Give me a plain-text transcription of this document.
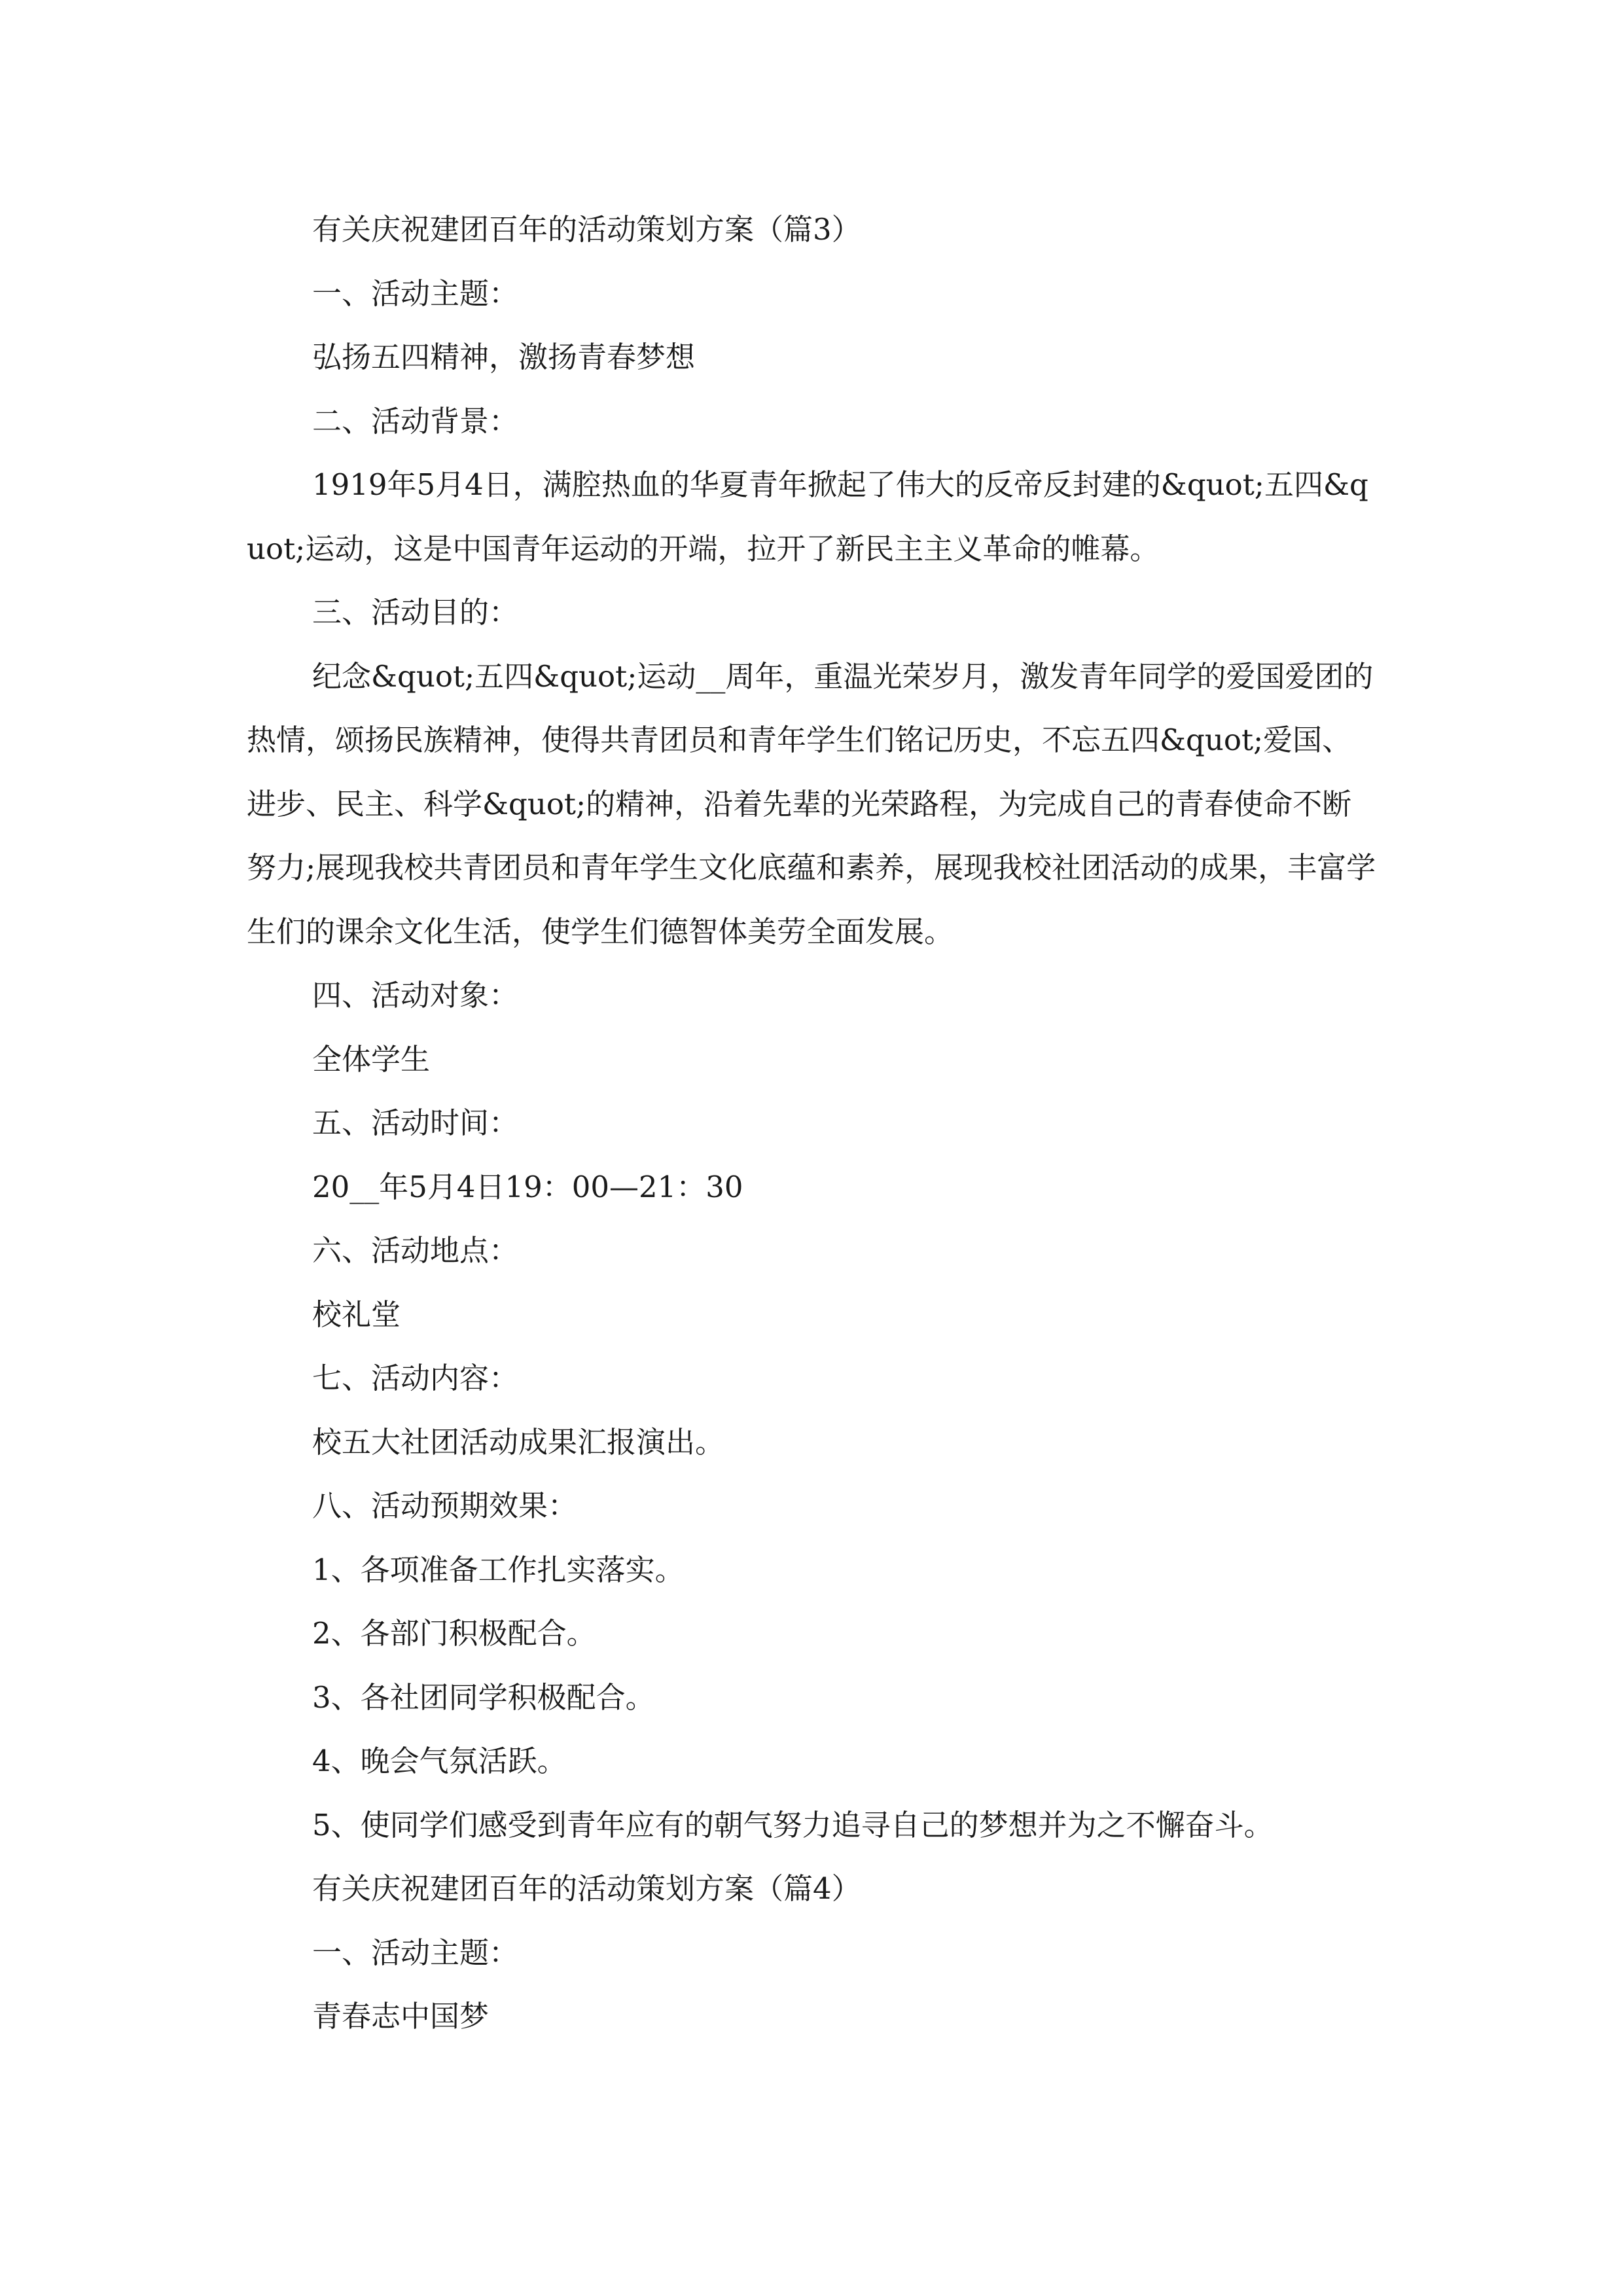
有关庆祝建团百年的活动策划方案（篇3）

一、活动主题：

弘扬五四精神，激扬青春梦想

二、活动背景：

1919年5月4日，满腔热血的华夏青年掀起了伟大的反帝反封建的&quot;五四&quot;运动，这是中国青年运动的开端，拉开了新民主主义革命的帷幕。

三、活动目的：

纪念&quot;五四&quot;运动__周年，重温光荣岁月，激发青年同学的爱国爱团的热情，颂扬民族精神，使得共青团员和青年学生们铭记历史，不忘五四&quot;爱国、进步、民主、科学&quot;的精神，沿着先辈的光荣路程，为完成自己的青春使命不断努力;展现我校共青团员和青年学生文化底蕴和素养，展现我校社团活动的成果，丰富学生们的课余文化生活，使学生们德智体美劳全面发展。

四、活动对象：

全体学生

五、活动时间：

20__年5月4日19：00—21：30

六、活动地点：

校礼堂

七、活动内容：

校五大社团活动成果汇报演出。

八、活动预期效果：

1、各项准备工作扎实落实。

2、各部门积极配合。

3、各社团同学积极配合。

4、晚会气氛活跃。

5、使同学们感受到青年应有的朝气努力追寻自己的梦想并为之不懈奋斗。

有关庆祝建团百年的活动策划方案（篇4）

一、活动主题：

青春志中国梦
